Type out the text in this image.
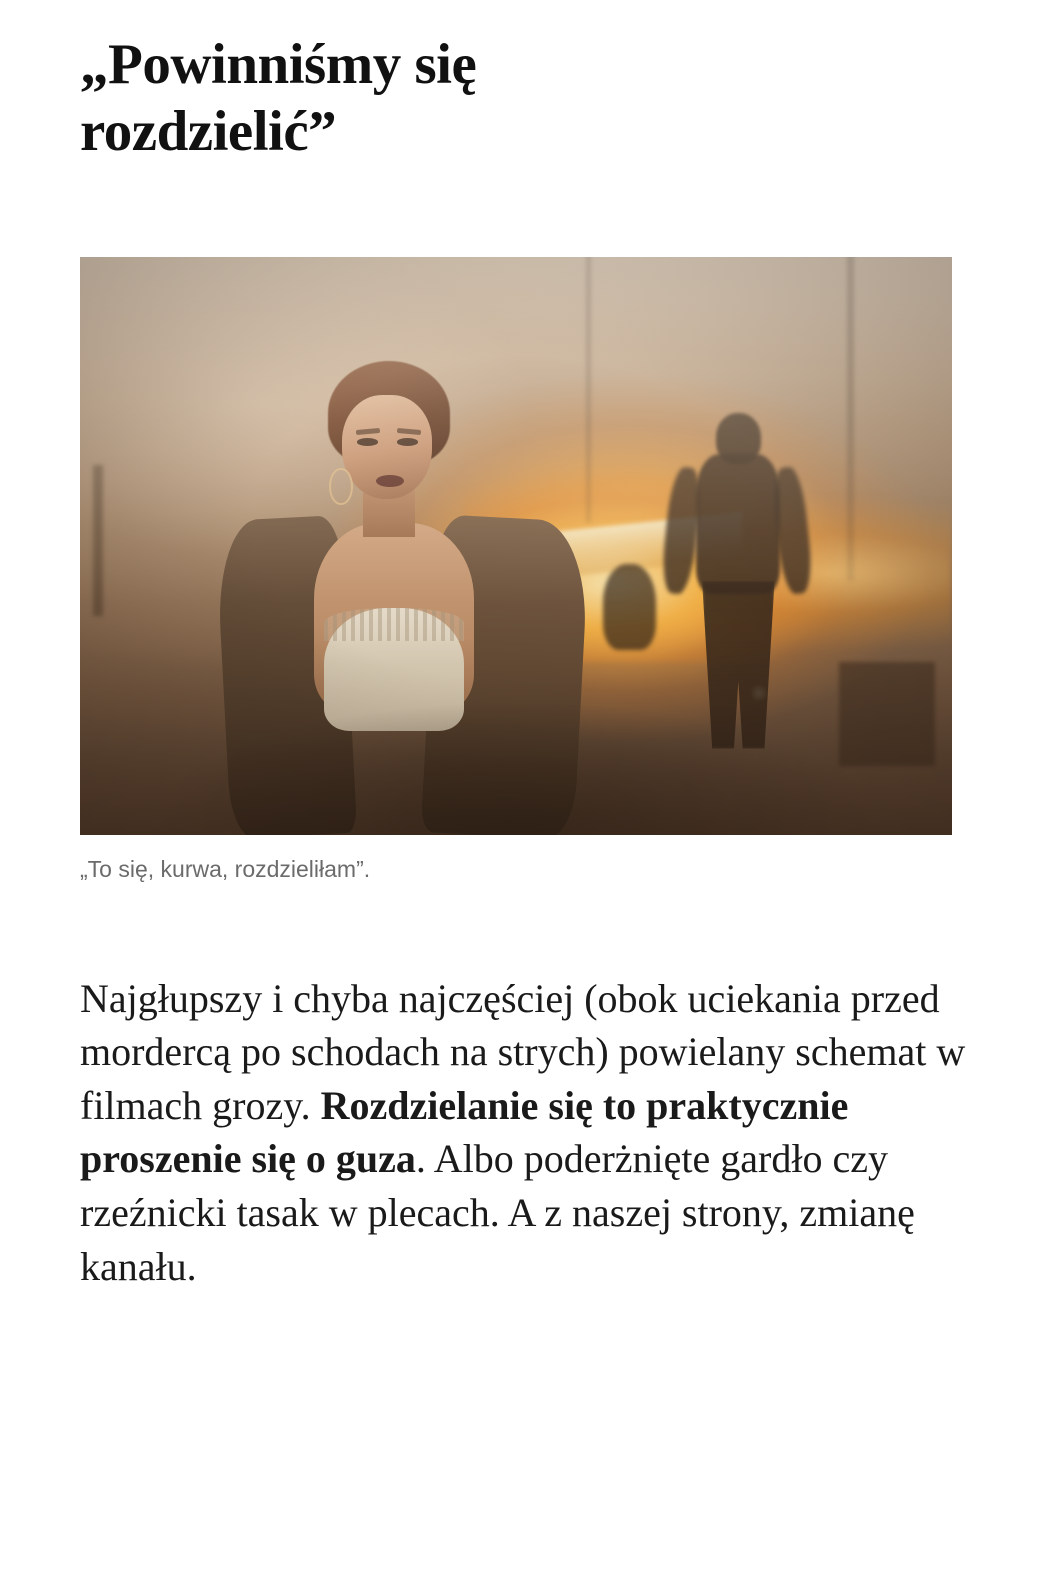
„Powinniśmy się rozdzielić”
„To się, kurwa, rozdzieliłam”.

Najgłupszy i chyba najczęściej (obok uciekania przed mordercą po schodach na strych) powielany schemat w filmach grozy. Rozdzielanie się to praktycznie proszenie się o guza. Albo poderżnięte gardło czy rzeźnicki tasak w plecach. A z naszej strony, zmianę kanału.
